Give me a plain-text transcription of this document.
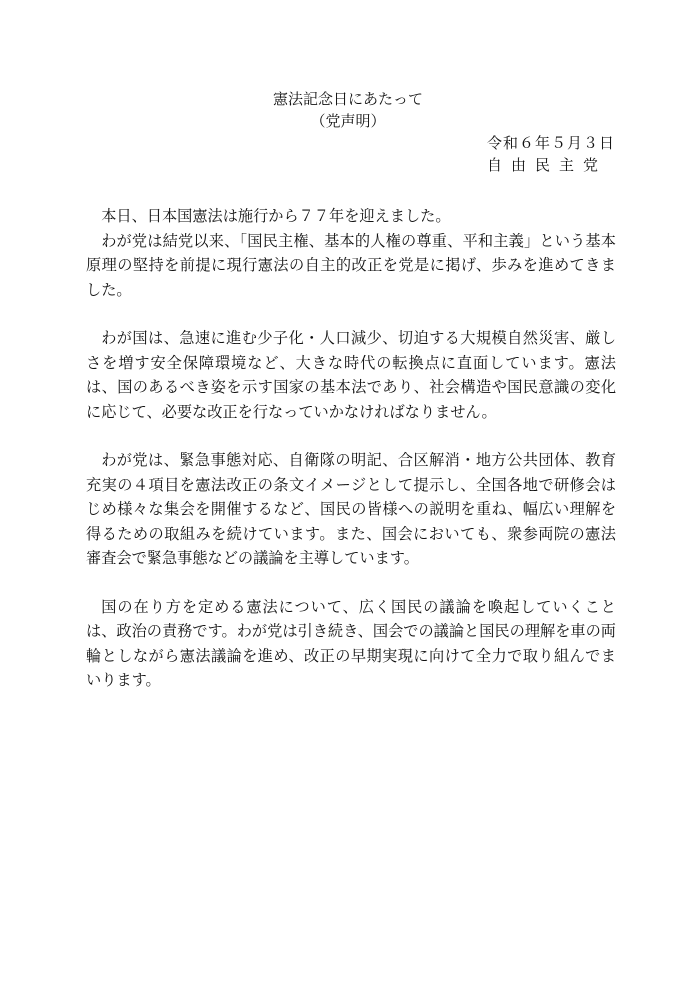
憲法記念日にあたって
（党声明）
令和６年５月３日
自由民主党

本日、日本国憲法は施行から７７年を迎えました。

わが党は結党以来、「国民主権、基本的人権の尊重、平和主義」という基本原理の堅持を前提に現行憲法の自主的改正を党是に掲げ、歩みを進めてきました。

わが国は、急速に進む少子化・人口減少、切迫する大規模自然災害、厳しさを増す安全保障環境など、大きな時代の転換点に直面しています。憲法は、国のあるべき姿を示す国家の基本法であり、社会構造や国民意識の変化に応じて、必要な改正を行なっていかなければなりません。

わが党は、緊急事態対応、自衛隊の明記、合区解消・地方公共団体、教育充実の４項目を憲法改正の条文イメージとして提示し、全国各地で研修会はじめ様々な集会を開催するなど、国民の皆様への説明を重ね、幅広い理解を得るための取組みを続けています。また、国会においても、衆参両院の憲法審査会で緊急事態などの議論を主導しています。

国の在り方を定める憲法について、広く国民の議論を喚起していくことは、政治の責務です。わが党は引き続き、国会での議論と国民の理解を車の両輪としながら憲法議論を進め、改正の早期実現に向けて全力で取り組んでまいります。
